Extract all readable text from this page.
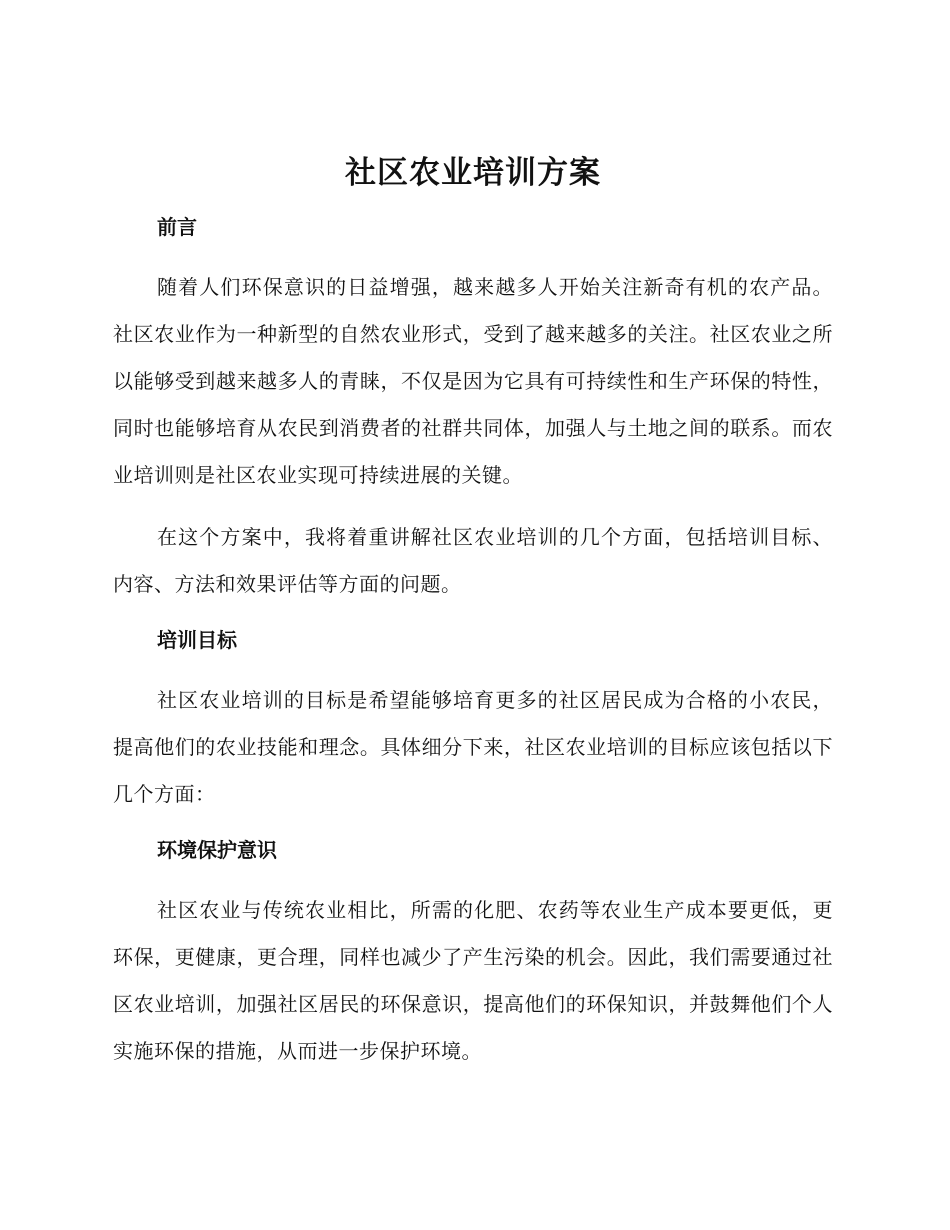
社区农业培训方案
前言

随着人们环保意识的日益增强，越来越多人开始关注新奇有机的农产品。社区农业作为一种新型的自然农业形式，受到了越来越多的关注。社区农业之所以能够受到越来越多人的青睐，不仅是因为它具有可持续性和生产环保的特性，同时也能够培育从农民到消费者的社群共同体，加强人与土地之间的联系。而农业培训则是社区农业实现可持续进展的关键。

在这个方案中，我将着重讲解社区农业培训的几个方面，包括培训目标、内容、方法和效果评估等方面的问题。

培训目标

社区农业培训的目标是希望能够培育更多的社区居民成为合格的小农民，提高他们的农业技能和理念。具体细分下来，社区农业培训的目标应该包括以下几个方面：

环境保护意识

社区农业与传统农业相比，所需的化肥、农药等农业生产成本要更低，更环保，更健康，更合理，同样也减少了产生污染的机会。因此，我们需要通过社区农业培训，加强社区居民的环保意识，提高他们的环保知识，并鼓舞他们个人实施环保的措施，从而进一步保护环境。
